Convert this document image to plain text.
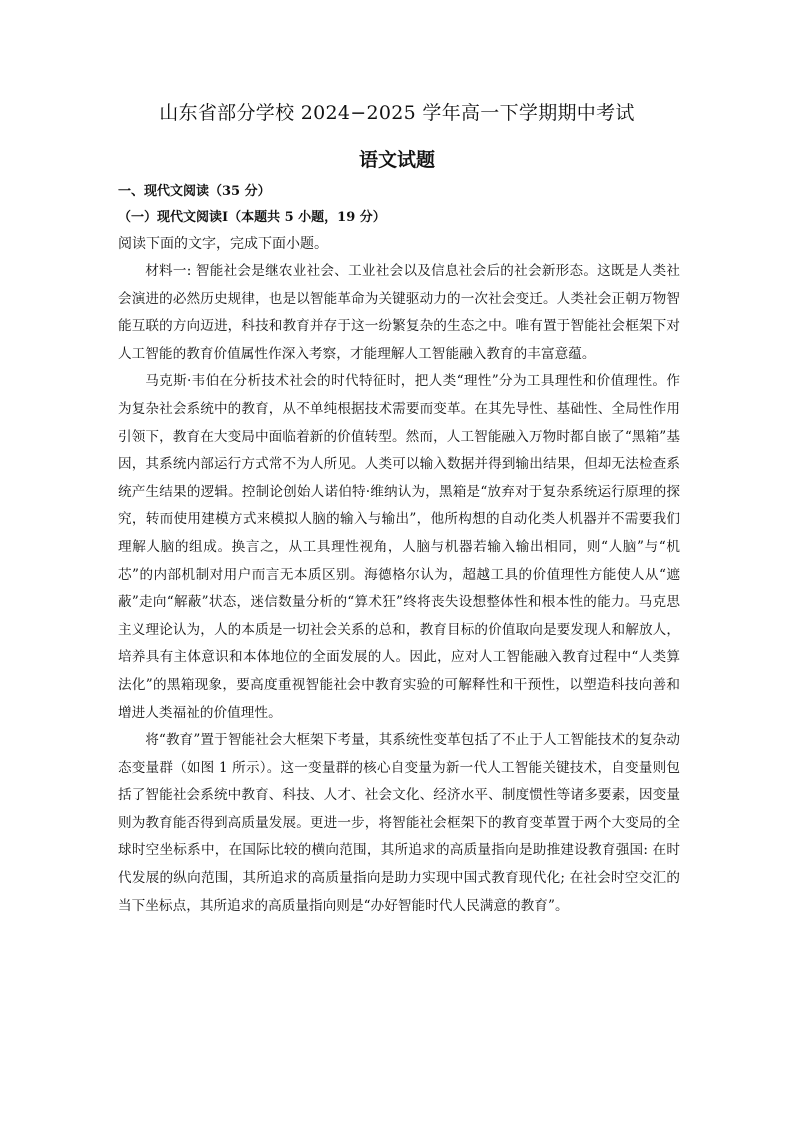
山东省部分学校 2024−2025 学年高一下学期期中考试
语文试题
一、现代文阅读（35 分）
（一）现代文阅读Ⅰ（本题共 5 小题，19 分）
阅读下面的文字，完成下面小题。

材料一: 智能社会是继农业社会、工业社会以及信息社会后的社会新形态。这既是人类社会演进的必然历史规律，也是以智能革命为关键驱动力的一次社会变迁。人类社会正朝万物智能互联的方向迈进，科技和教育并存于这一纷繁复杂的生态之中。唯有置于智能社会框架下对人工智能的教育价值属性作深入考察，才能理解人工智能融入教育的丰富意蕴。

马克斯·韦伯在分析技术社会的时代特征时，把人类“理性”分为工具理性和价值理性。作为复杂社会系统中的教育，从不单纯根据技术需要而变革。在其先导性、基础性、全局性作用引领下，教育在大变局中面临着新的价值转型。然而，人工智能融入万物时都自嵌了“黑箱”基因，其系统内部运行方式常不为人所见。人类可以输入数据并得到输出结果，但却无法检查系统产生结果的逻辑。控制论创始人诺伯特·维纳认为，黑箱是“放弃对于复杂系统运行原理的探究，转而使用建模方式来模拟人脑的输入与输出”，他所构想的自动化类人机器并不需要我们理解人脑的组成。换言之，从工具理性视角，人脑与机器若输入输出相同，则“人脑”与“机芯”的内部机制对用户而言无本质区别。海德格尔认为，超越工具的价值理性方能使人从“遮蔽”走向“解蔽”状态，迷信数量分析的“算术狂”终将丧失设想整体性和根本性的能力。马克思主义理论认为，人的本质是一切社会关系的总和，教育目标的价值取向是要发现人和解放人，培养具有主体意识和本体地位的全面发展的人。因此，应对人工智能融入教育过程中“人类算法化”的黑箱现象，要高度重视智能社会中教育实验的可解释性和干预性，以塑造科技向善和增进人类福祉的价值理性。

将“教育”置于智能社会大框架下考量，其系统性变革包括了不止于人工智能技术的复杂动态变量群（如图 1 所示）。这一变量群的核心自变量为新一代人工智能关键技术，自变量则包括了智能社会系统中教育、科技、人才、社会文化、经济水平、制度惯性等诸多要素，因变量则为教育能否得到高质量发展。更进一步，将智能社会框架下的教育变革置于两个大变局的全球时空坐标系中，在国际比较的横向范围，其所追求的高质量指向是助推建设教育强国: 在时代发展的纵向范围，其所追求的高质量指向是助力实现中国式教育现代化; 在社会时空交汇的当下坐标点，其所追求的高质量指向则是“办好智能时代人民满意的教育”。
